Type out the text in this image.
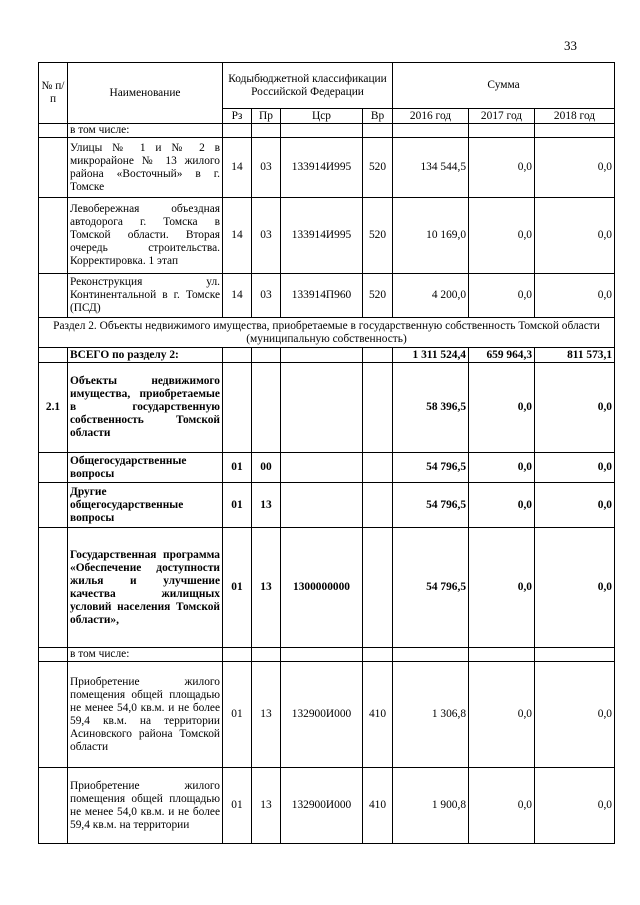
33
№ п/п	Наименование	Кодыбюджетной классификации Российской Федерации				Сумма		
		Рз	Пр	Цср	Вр	2016 год	2017 год	2018 год
	в том числе:							
	Улицы № 1 и № 2 в микрорайоне № 13 жилого района «Восточный» в г. Томске	14	03	133914И995	520	134 544,5	0,0	0,0
	Левобережная объездная автодорога г. Томска в Томской области. Вторая очередь строительства. Корректировка. 1 этап	14	03	133914И995	520	10 169,0	0,0	0,0
	Реконструкция ул. Континентальной в г. Томске (ПСД)	14	03	133914П960	520	4 200,0	0,0	0,0
Раздел 2. Объекты недвижимого имущества, приобретаемые в государственную собственность Томской области (муниципальную собственность)								
	ВСЕГО по разделу 2:					1 311 524,4	659 964,3	811 573,1
2.1	Объекты недвижимого имущества, приобретаемые в государственную собственность Томской области					58 396,5	0,0	0,0
	Общегосударственные вопросы	01	00			54 796,5	0,0	0,0
	Другие общегосударственные вопросы	01	13			54 796,5	0,0	0,0
	Государственная программа «Обеспечение доступности жилья и улучшение качества жилищных условий населения Томской области»,	01	13	1300000000		54 796,5	0,0	0,0
	в том числе:							
	Приобретение жилого помещения общей площадью не менее 54,0 кв.м. и не более 59,4 кв.м. на территории Асиновского района Томской области	01	13	132900И000	410	1 306,8	0,0	0,0
	Приобретение жилого помещения общей площадью не менее 54,0 кв.м. и не более 59,4 кв.м. на территории	01	13	132900И000	410	1 900,8	0,0	0,0
